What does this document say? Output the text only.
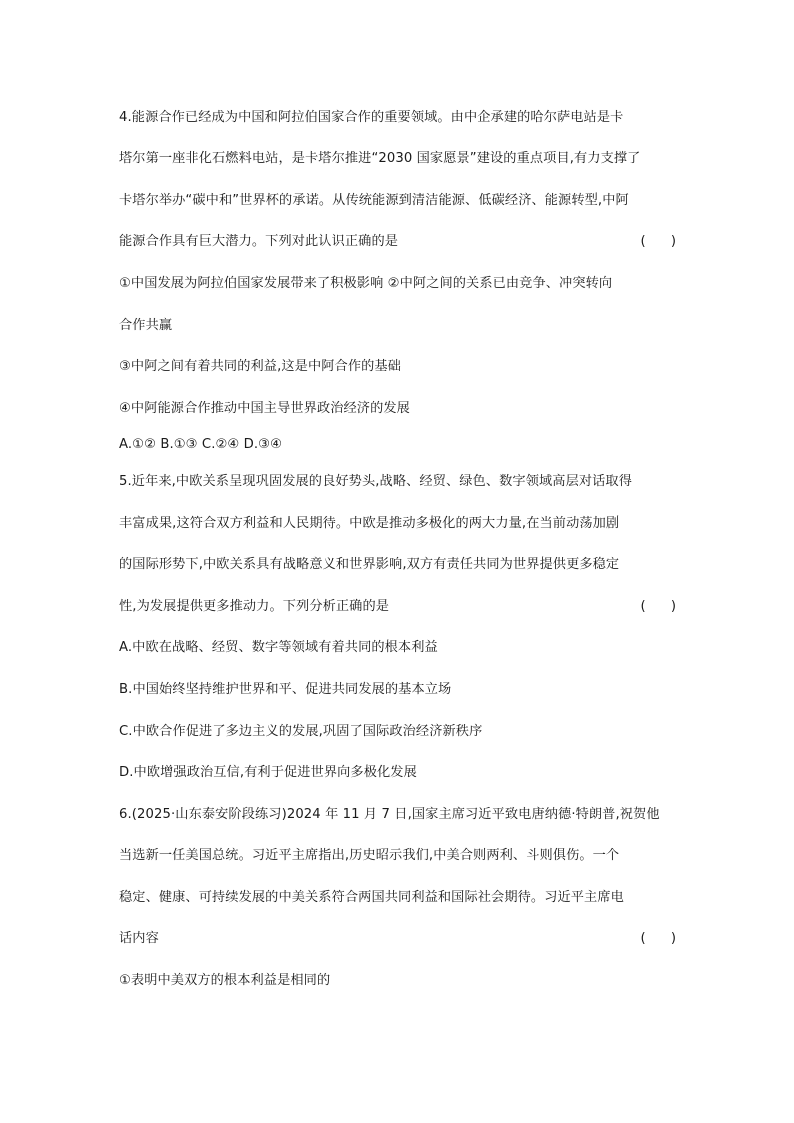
4.能源合作已经成为中国和阿拉伯国家合作的重要领域。由中企承建的哈尔萨电站是卡
塔尔第一座非化石燃料电站，是卡塔尔推进“2030 国家愿景”建设的重点项目,有力支撑了
卡塔尔举办“碳中和”世界杯的承诺。从传统能源到清洁能源、低碳经济、能源转型,中阿
能源合作具有巨大潜力。下列对此认识正确的是	(      )
①中国发展为阿拉伯国家发展带来了积极影响 ②中阿之间的关系已由竞争、冲突转向
合作共赢
③中阿之间有着共同的利益,这是中阿合作的基础
④中阿能源合作推动中国主导世界政治经济的发展
A.①② B.①③ C.②④ D.③④
5.近年来,中欧关系呈现巩固发展的良好势头,战略、经贸、绿色、数字领域高层对话取得
丰富成果,这符合双方利益和人民期待。中欧是推动多极化的两大力量,在当前动荡加剧
的国际形势下,中欧关系具有战略意义和世界影响,双方有责任共同为世界提供更多稳定
性,为发展提供更多推动力。下列分析正确的是	(      )
A.中欧在战略、经贸、数字等领域有着共同的根本利益
B.中国始终坚持维护世界和平、促进共同发展的基本立场
C.中欧合作促进了多边主义的发展,巩固了国际政治经济新秩序
D.中欧增强政治互信,有利于促进世界向多极化发展
6.(2025·山东泰安阶段练习)2024 年 11 月 7 日,国家主席习近平致电唐纳德·特朗普,祝贺他
当选新一任美国总统。习近平主席指出,历史昭示我们,中美合则两利、斗则俱伤。一个
稳定、健康、可持续发展的中美关系符合两国共同利益和国际社会期待。习近平主席电
话内容	(      )
①表明中美双方的根本利益是相同的
